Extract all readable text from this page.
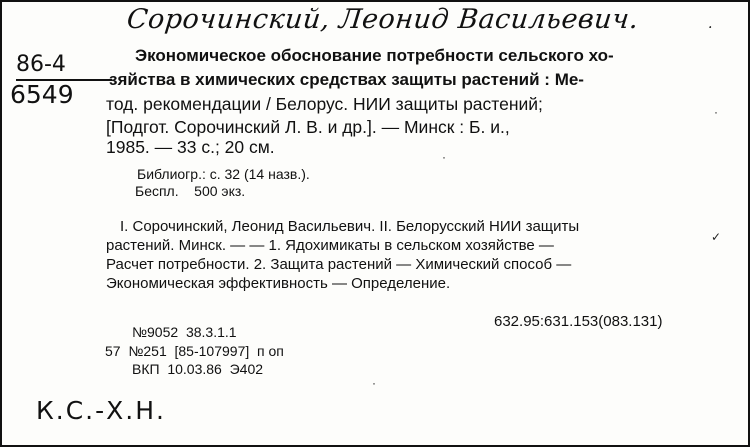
Сорочинский, Леонид Васильевич.	.
86-4
6549
Экономическое обоснование потребности сельского хо-
зяйства в химических средствах защиты растений : Ме-
тод. рекомендации / Белорус. НИИ защиты растений;
[Подгот. Сорочинский Л. В. и др.]. — Минск : Б. и.,
1985. — 33 с.; 20 см.
Библиогр.: с. 32 (14 назв.).
Беспл.    500 экз.
I. Сорочинский, Леонид Васильевич. II. Белорусский НИИ защиты
растений. Минск. — — 1. Ядохимикаты в сельском хозяйстве —
Расчет потребности. 2. Защита растений — Химический способ —
Экономическая эффективность — Определение.
632.95:631.153(083.131)
№9052  38.3.1.1
57  №251  [85-107997]  п оп
ВКП  10.03.86  Э402
✓
·
·
·
К.С.-Х.Н.
